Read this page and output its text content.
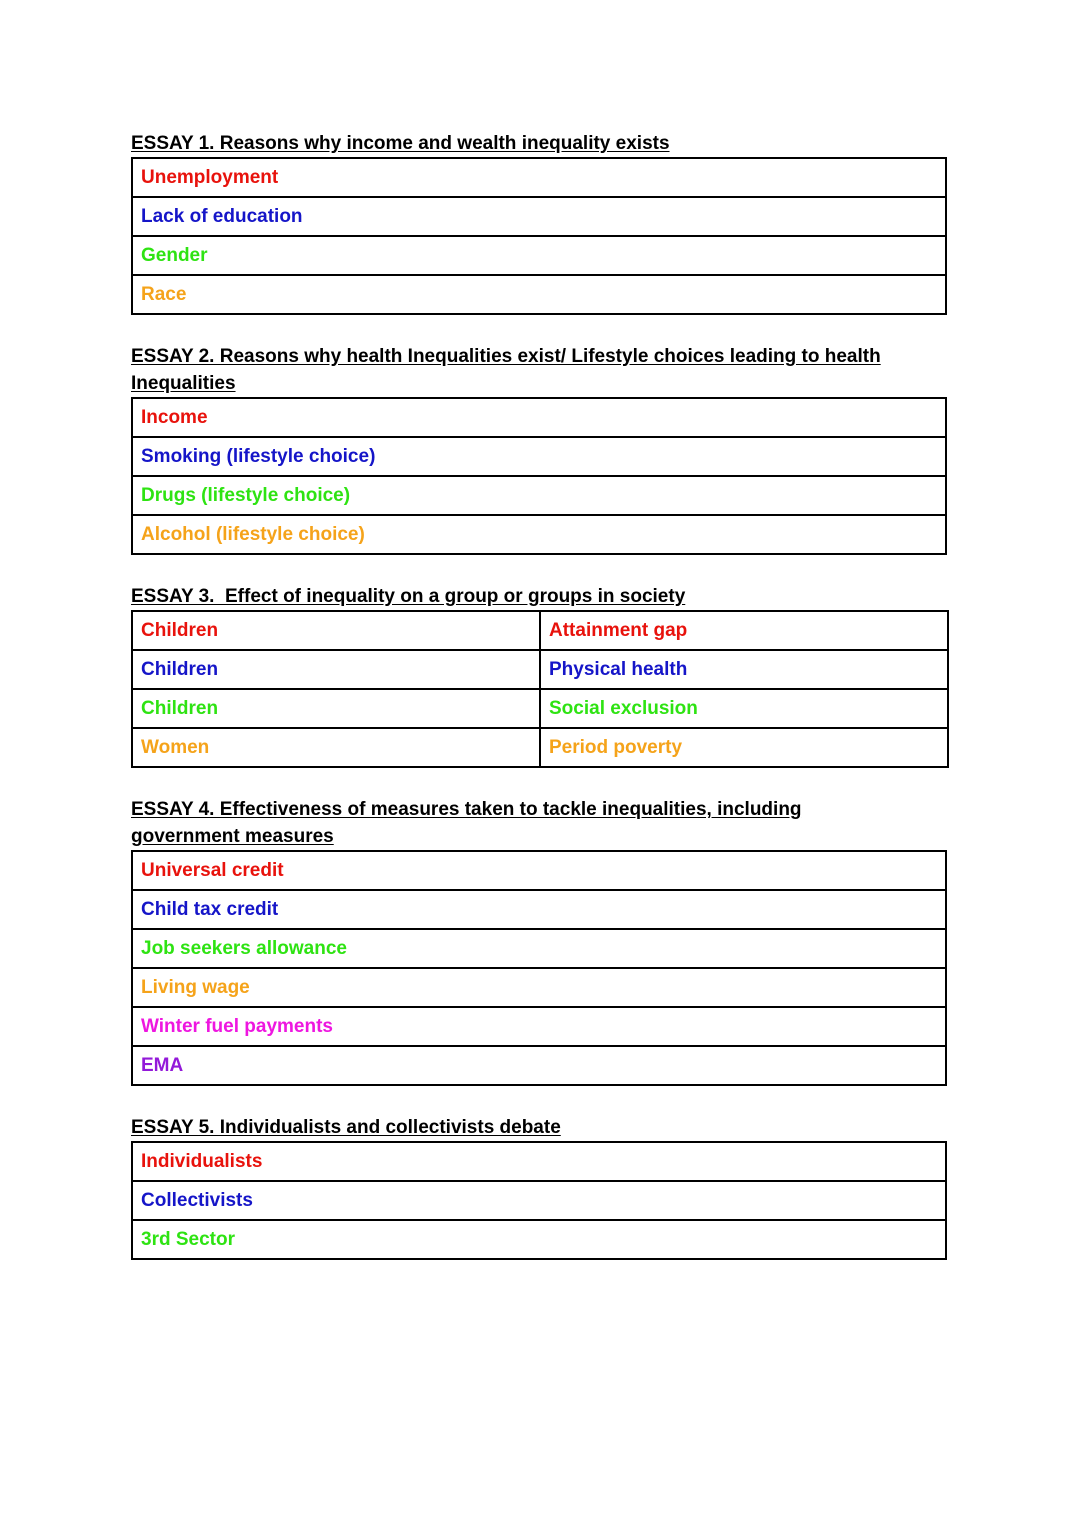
ESSAY 1. Reasons why income and wealth inequality exists

Unemployment
Lack of education
Gender
Race

ESSAY 2. Reasons why health Inequalities exist/ Lifestyle choices leading to health
Inequalities

Income
Smoking (lifestyle choice)
Drugs (lifestyle choice)
Alcohol (lifestyle choice)

ESSAY 3.  Effect of inequality on a group or groups in society

Children	Attainment gap
Children	Physical health
Children	Social exclusion
Women	Period poverty

ESSAY 4. Effectiveness of measures taken to tackle inequalities, including
government measures

Universal credit
Child tax credit
Job seekers allowance
Living wage
Winter fuel payments
EMA

ESSAY 5. Individualists and collectivists debate

Individualists
Collectivists
3rd Sector
